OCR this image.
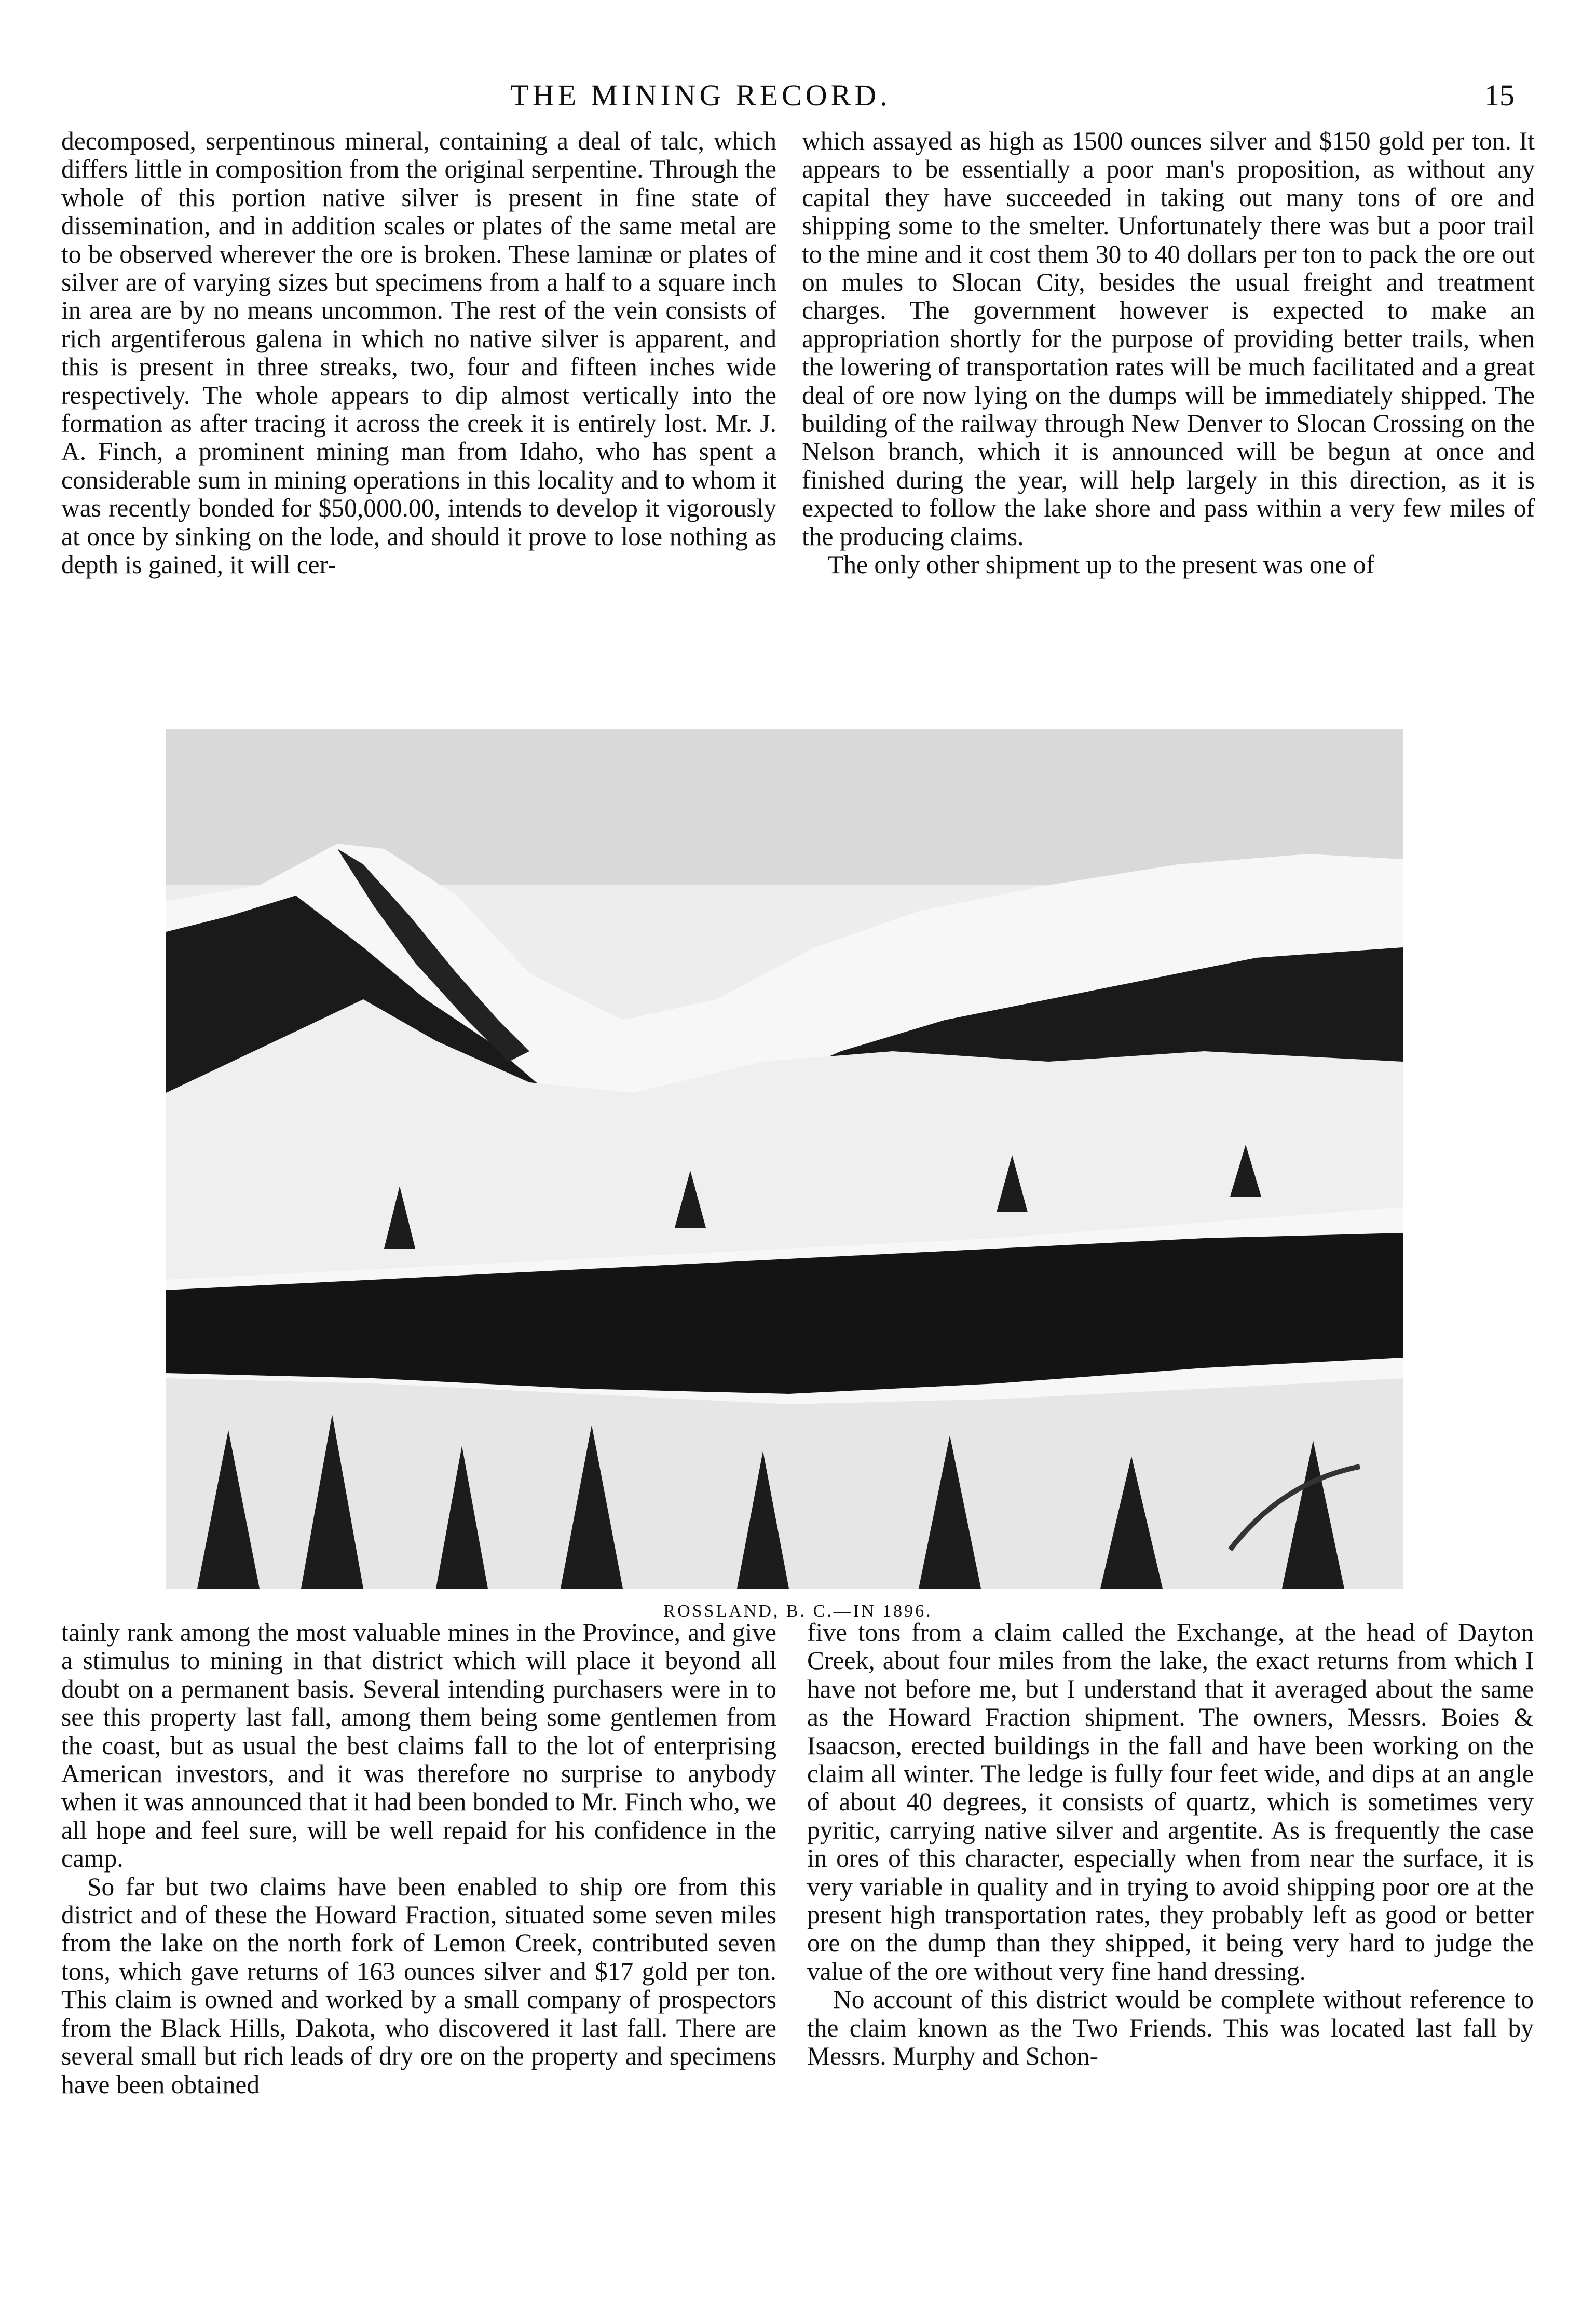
THE MINING RECORD.	15

decomposed, serpentinous mineral, containing a deal of talc, which differs little in composition from the original serpentine. Through the whole of this portion native silver is present in fine state of dissemination, and in addition scales or plates of the same metal are to be observed wherever the ore is broken. These laminæ or plates of silver are of varying sizes but specimens from a half to a square inch in area are by no means uncommon. The rest of the vein consists of rich argentiferous galena in which no native silver is apparent, and this is present in three streaks, two, four and fifteen inches wide respectively. The whole appears to dip almost vertically into the formation as after tracing it across the creek it is entirely lost. Mr. J. A. Finch, a prominent mining man from Idaho, who has spent a considerable sum in mining operations in this locality and to whom it was recently bonded for $50,000.00, intends to develop it vigorously at once by sinking on the lode, and should it prove to lose nothing as depth is gained, it will cer-

which assayed as high as 1500 ounces silver and $150 gold per ton. It appears to be essentially a poor man's proposition, as without any capital they have succeeded in taking out many tons of ore and shipping some to the smelter. Unfortunately there was but a poor trail to the mine and it cost them 30 to 40 dollars per ton to pack the ore out on mules to Slocan City, besides the usual freight and treatment charges. The government however is expected to make an appropriation shortly for the purpose of providing better trails, when the lowering of transportation rates will be much facilitated and a great deal of ore now lying on the dumps will be immediately shipped. The building of the railway through New Denver to Slocan Crossing on the Nelson branch, which it is announced will be begun at once and finished during the year, will help largely in this direction, as it is expected to follow the lake shore and pass within a very few miles of the producing claims.

The only other shipment up to the present was one of

ROSSLAND, B. C.—IN 1896.

tainly rank among the most valuable mines in the Province, and give a stimulus to mining in that district which will place it beyond all doubt on a permanent basis. Several intending purchasers were in to see this property last fall, among them being some gentlemen from the coast, but as usual the best claims fall to the lot of enterprising American investors, and it was therefore no surprise to anybody when it was announced that it had been bonded to Mr. Finch who, we all hope and feel sure, will be well repaid for his confidence in the camp.

So far but two claims have been enabled to ship ore from this district and of these the Howard Fraction, situated some seven miles from the lake on the north fork of Lemon Creek, contributed seven tons, which gave returns of 163 ounces silver and $17 gold per ton. This claim is owned and worked by a small company of prospectors from the Black Hills, Dakota, who discovered it last fall. There are several small but rich leads of dry ore on the property and specimens have been obtained

five tons from a claim called the Exchange, at the head of Dayton Creek, about four miles from the lake, the exact returns from which I have not before me, but I understand that it averaged about the same as the Howard Fraction shipment. The owners, Messrs. Boies & Isaacson, erected buildings in the fall and have been working on the claim all winter. The ledge is fully four feet wide, and dips at an angle of about 40 degrees, it consists of quartz, which is sometimes very pyritic, carrying native silver and argentite. As is frequently the case in ores of this character, especially when from near the surface, it is very variable in quality and in trying to avoid shipping poor ore at the present high transportation rates, they probably left as good or better ore on the dump than they shipped, it being very hard to judge the value of the ore without very fine hand dressing.

No account of this district would be complete without reference to the claim known as the Two Friends. This was located last fall by Messrs. Murphy and Schon-
